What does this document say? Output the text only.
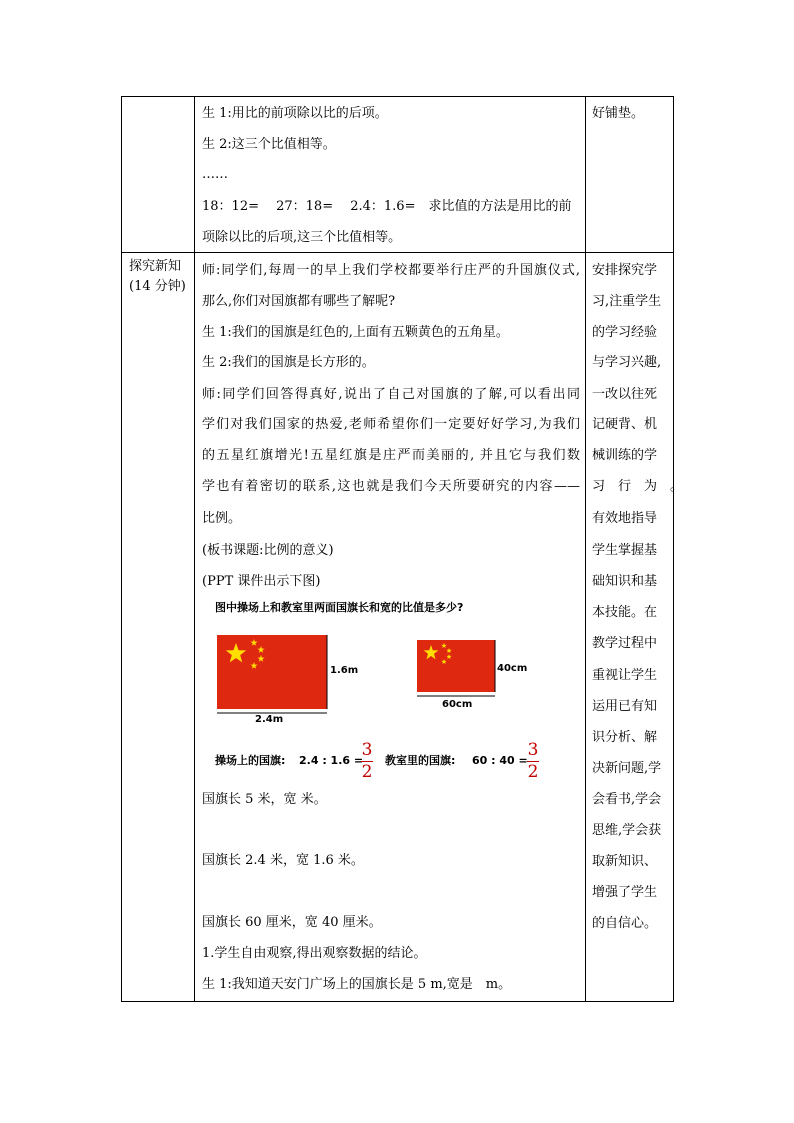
生 1:用比的前项除以比的后项。
生 2:这三个比值相等。
……
18：12=　 27：18=　 2.4：1.6=　求比值的方法是用比的前
项除以比的后项,这三个比值相等。
好铺垫。
探究新知
(14 分钟)
师:同学们,每周一的早上我们学校都要举行庄严的升国旗仪式,
那么,你们对国旗都有哪些了解呢?
生 1:我们的国旗是红色的,上面有五颗黄色的五角星。
生 2:我们的国旗是长方形的。
师:同学们回答得真好,说出了自己对国旗的了解,可以看出同
学们对我们国家的热爱,老师希望你们一定要好好学习,为我们
的五星红旗增光!五星红旗是庄严而美丽的, 并且它与我们数
学也有着密切的联系,这也就是我们今天所要研究的内容——
比例。
(板书课题:比例的意义)
(PPT 课件出示下图)
图中操场上和教室里两面国旗长和宽的比值是多少?
1.6m
2.4m
40cm
60cm
操场上的国旗: 2.4 : 1.6 =
3
2
教室里的国旗: 60 : 40 =
3
2
国旗长 5 米，宽 米。
国旗长 2.4 米，宽 1.6 米。
国旗长 60 厘米，宽 40 厘米。
1.学生自由观察,得出观察数据的结论。
生 1:我知道天安门广场上的国旗长是 5 m,宽是　m。
安排探究学
习,注重学生
的学习经验
与学习兴趣,
一改以往死
记硬背、机
械训练的学
习　行　为　。
有效地指导
学生掌握基
础知识和基
本技能。在
教学过程中
重视让学生
运用已有知
识分析、解
决新问题,学
会看书,学会
思维,学会获
取新知识、
增强了学生
的自信心。
